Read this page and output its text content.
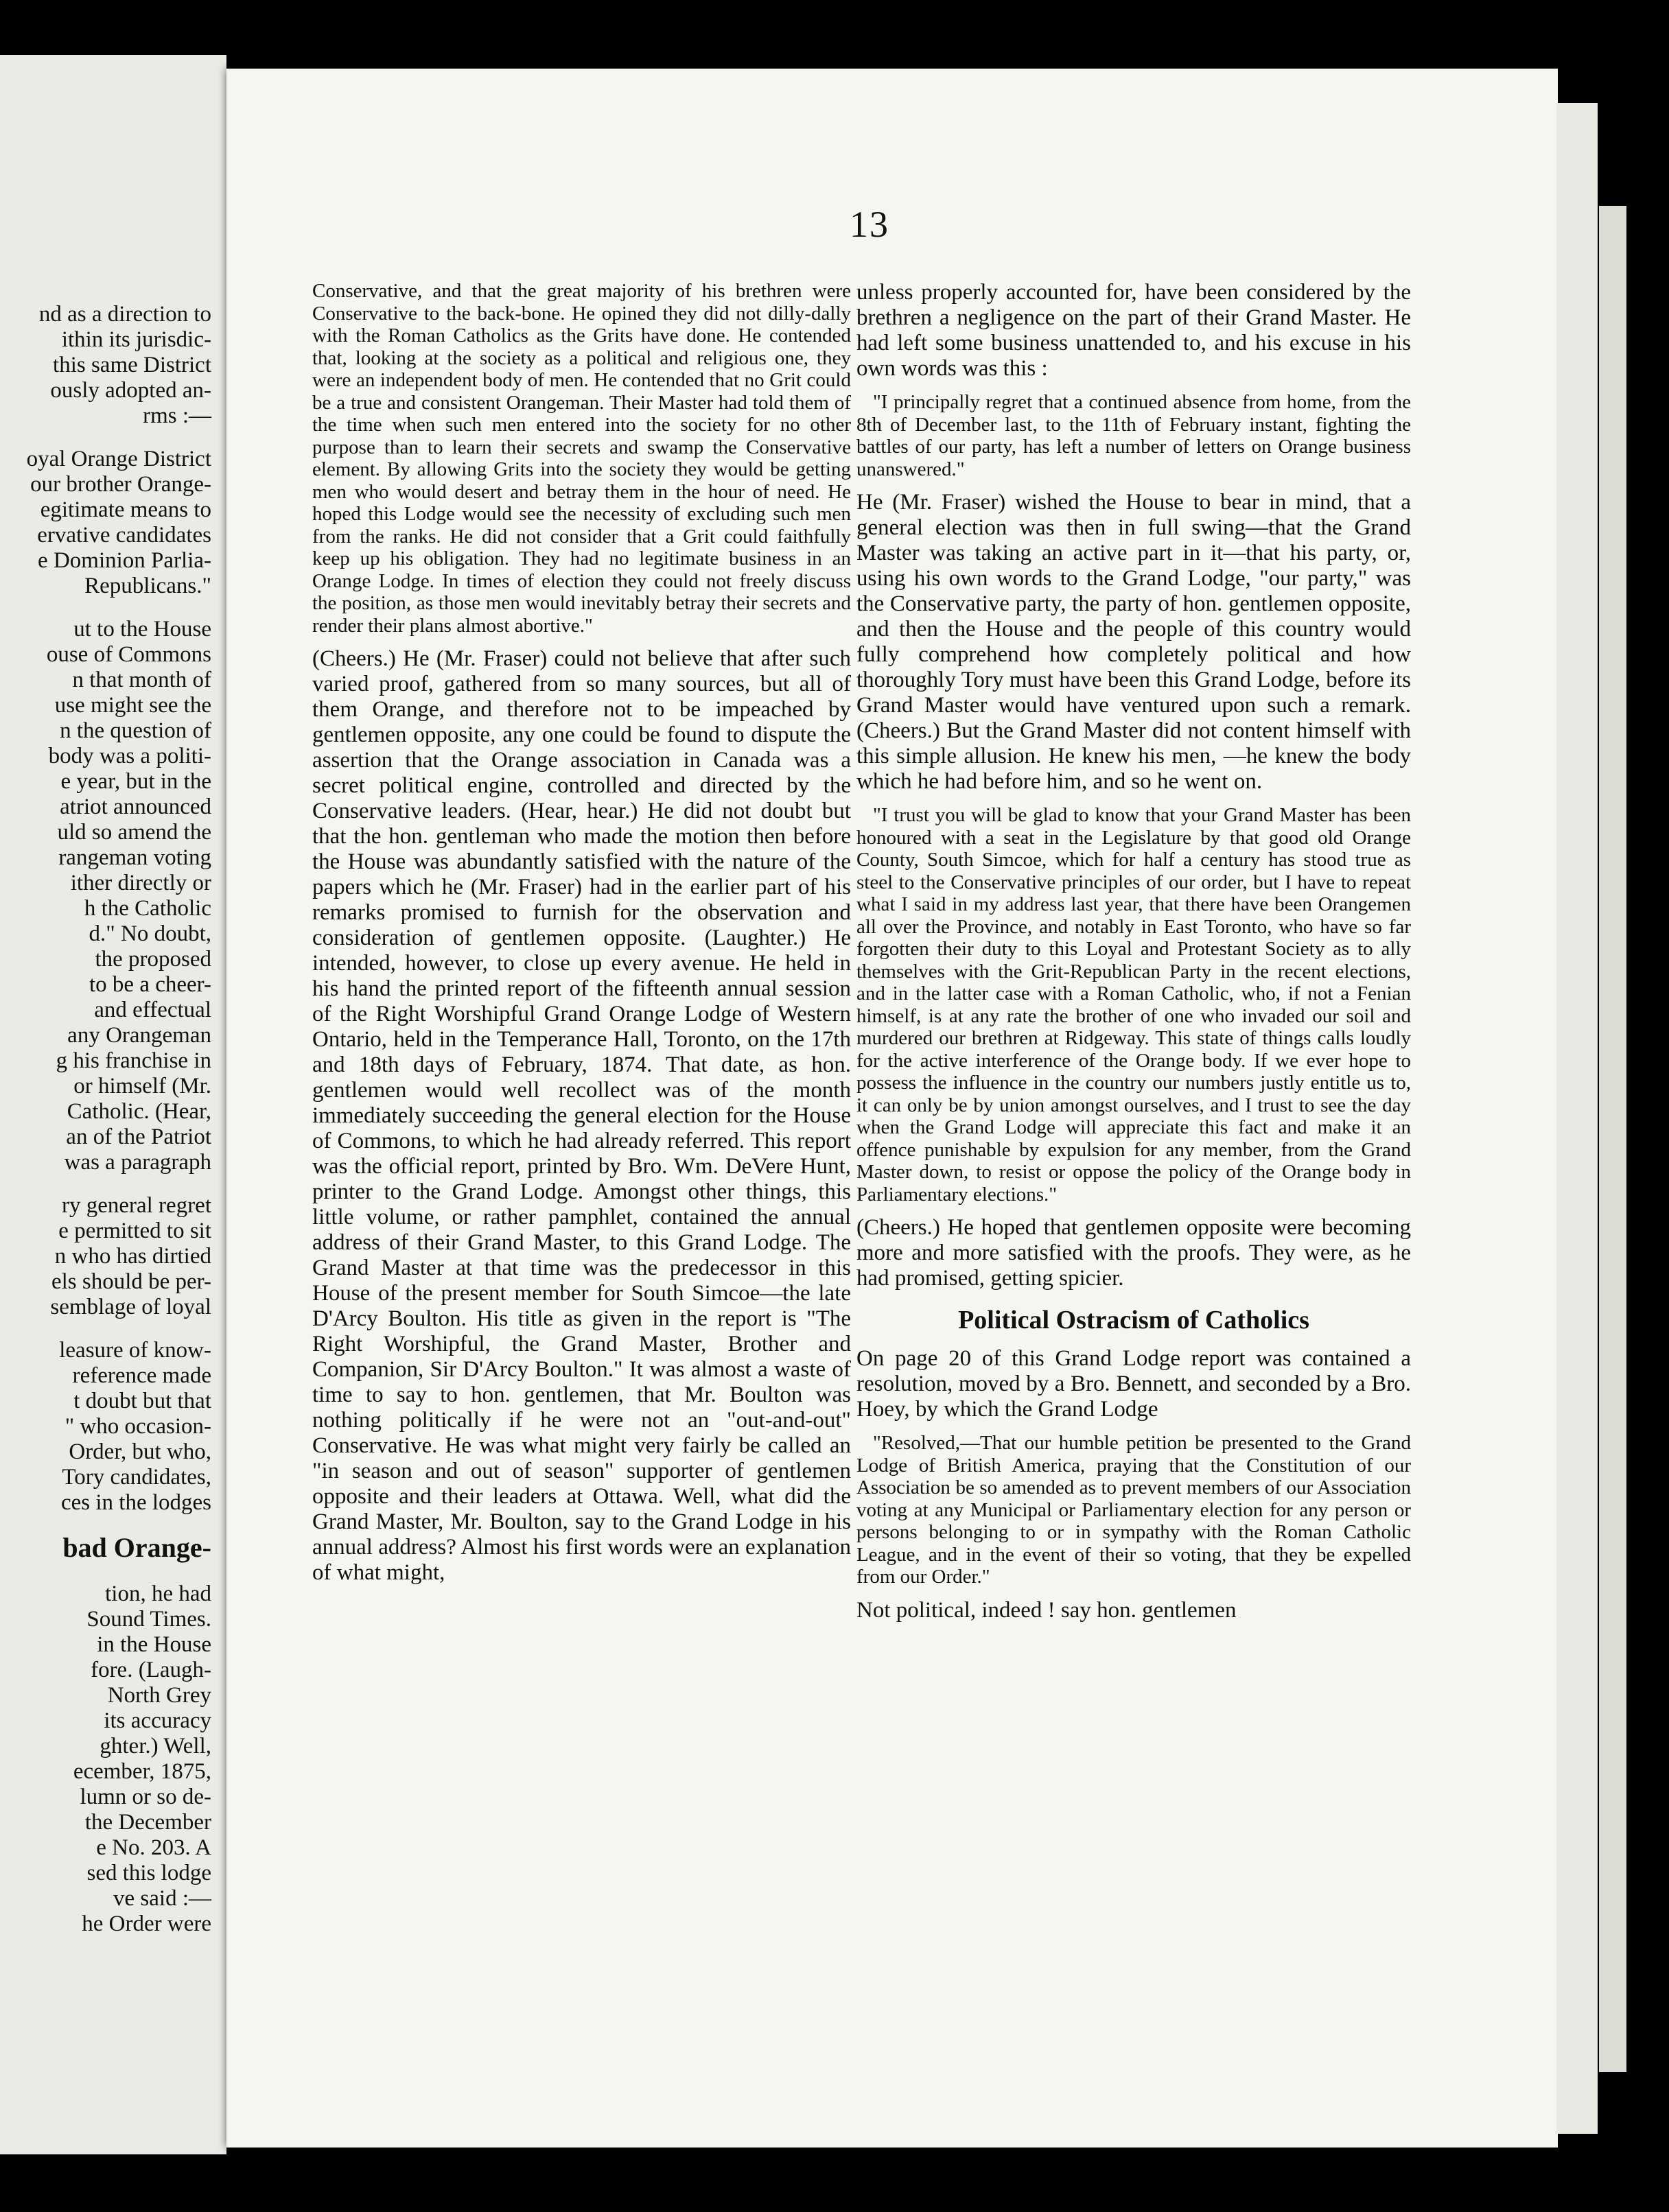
nd as a direction to
ithin its jurisdic-
this same District
ously adopted an-
rms :—
oyal Orange District
our brother Orange-
egitimate means to
ervative candidates
e Dominion Parlia-
Republicans."
ut to the House
ouse of Commons
n that month of
use might see the
n the question of
body was a politi-
e year, but in the
atriot announced
uld so amend the
rangeman voting
ither directly or
h the Catholic
d." No doubt,
the proposed
to be a cheer-
and effectual
any Orangeman
g his franchise in
or himself (Mr.
Catholic. (Hear,
an of the Patriot
was a paragraph
ry general regret
e permitted to sit
n who has dirtied
els should be per-
semblage of loyal
leasure of know-
reference made
t doubt but that
" who occasion-
Order, but who,
Tory candidates,
ces in the lodges
bad Orange-
tion, he had
Sound Times.
in the House
fore. (Laugh-
North Grey
its accuracy
ghter.) Well,
ecember, 1875,
lumn or so de-
the December
e No. 203. A
sed this lodge
ve said :—
he Order were
13

Conservative, and that the great majority of his brethren were Conservative to the back-bone. He opined they did not dilly-dally with the Roman Catholics as the Grits have done. He contended that, looking at the society as a political and religious one, they were an independent body of men. He contended that no Grit could be a true and consistent Orangeman. Their Master had told them of the time when such men entered into the society for no other purpose than to learn their secrets and swamp the Conservative element. By allowing Grits into the society they would be getting men who would desert and betray them in the hour of need. He hoped this Lodge would see the necessity of excluding such men from the ranks. He did not consider that a Grit could faithfully keep up his obligation. They had no legitimate business in an Orange Lodge. In times of election they could not freely discuss the position, as those men would inevitably betray their secrets and render their plans almost abortive."

(Cheers.) He (Mr. Fraser) could not believe that after such varied proof, gathered from so many sources, but all of them Orange, and therefore not to be impeached by gentlemen opposite, any one could be found to dispute the assertion that the Orange association in Canada was a secret political engine, controlled and directed by the Conservative leaders. (Hear, hear.) He did not doubt but that the hon. gentleman who made the motion then before the House was abundantly satisfied with the nature of the papers which he (Mr. Fraser) had in the earlier part of his remarks promised to furnish for the observation and consideration of gentlemen opposite. (Laughter.) He intended, however, to close up every avenue. He held in his hand the printed report of the fifteenth annual session of the Right Worshipful Grand Orange Lodge of Western Ontario, held in the Temperance Hall, Toronto, on the 17th and 18th days of February, 1874. That date, as hon. gentlemen would well recollect was of the month immediately succeeding the general election for the House of Commons, to which he had already referred. This report was the official report, printed by Bro. Wm. DeVere Hunt, printer to the Grand Lodge. Amongst other things, this little volume, or rather pamphlet, contained the annual address of their Grand Master, to this Grand Lodge. The Grand Master at that time was the predecessor in this House of the present member for South Simcoe—the late D'Arcy Boulton. His title as given in the report is "The Right Worshipful, the Grand Master, Brother and Companion, Sir D'Arcy Boulton." It was almost a waste of time to say to hon. gentlemen, that Mr. Boulton was nothing politically if he were not an "out-and-out" Conservative. He was what might very fairly be called an "in season and out of season" supporter of gentlemen opposite and their leaders at Ottawa. Well, what did the Grand Master, Mr. Boulton, say to the Grand Lodge in his annual address? Almost his first words were an explanation of what might,

unless properly accounted for, have been considered by the brethren a negligence on the part of their Grand Master. He had left some business unattended to, and his excuse in his own words was this :

"I principally regret that a continued absence from home, from the 8th of December last, to the 11th of February instant, fighting the battles of our party, has left a number of letters on Orange business unanswered."

He (Mr. Fraser) wished the House to bear in mind, that a general election was then in full swing—that the Grand Master was taking an active part in it—that his party, or, using his own words to the Grand Lodge, "our party," was the Conservative party, the party of hon. gentlemen opposite, and then the House and the people of this country would fully comprehend how completely political and how thoroughly Tory must have been this Grand Lodge, before its Grand Master would have ventured upon such a remark. (Cheers.) But the Grand Master did not content himself with this simple allusion. He knew his men, —he knew the body which he had before him, and so he went on.

"I trust you will be glad to know that your Grand Master has been honoured with a seat in the Legislature by that good old Orange County, South Simcoe, which for half a century has stood true as steel to the Conservative principles of our order, but I have to repeat what I said in my address last year, that there have been Orangemen all over the Province, and notably in East Toronto, who have so far forgotten their duty to this Loyal and Protestant Society as to ally themselves with the Grit-Republican Party in the recent elections, and in the latter case with a Roman Catholic, who, if not a Fenian himself, is at any rate the brother of one who invaded our soil and murdered our brethren at Ridgeway. This state of things calls loudly for the active interference of the Orange body. If we ever hope to possess the influence in the country our numbers justly entitle us to, it can only be by union amongst ourselves, and I trust to see the day when the Grand Lodge will appreciate this fact and make it an offence punishable by expulsion for any member, from the Grand Master down, to resist or oppose the policy of the Orange body in Parliamentary elections."

(Cheers.) He hoped that gentlemen opposite were becoming more and more satisfied with the proofs. They were, as he had promised, getting spicier.

Political Ostracism of Catholics

On page 20 of this Grand Lodge report was contained a resolution, moved by a Bro. Bennett, and seconded by a Bro. Hoey, by which the Grand Lodge

"Resolved,—That our humble petition be presented to the Grand Lodge of British America, praying that the Constitution of our Association be so amended as to prevent members of our Association voting at any Municipal or Parliamentary election for any person or persons belonging to or in sympathy with the Roman Catholic League, and in the event of their so voting, that they be expelled from our Order."

Not political, indeed ! say hon. gentlemen
